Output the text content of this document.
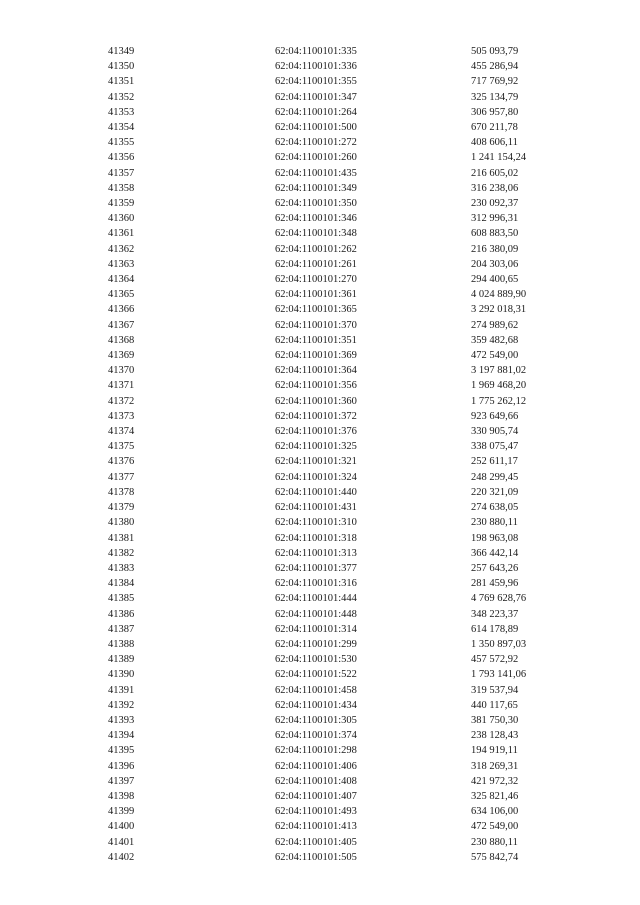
41349	62:04:1100101:335	505 093,79
41350	62:04:1100101:336	455 286,94
41351	62:04:1100101:355	717 769,92
41352	62:04:1100101:347	325 134,79
41353	62:04:1100101:264	306 957,80
41354	62:04:1100101:500	670 211,78
41355	62:04:1100101:272	408 606,11
41356	62:04:1100101:260	1 241 154,24
41357	62:04:1100101:435	216 605,02
41358	62:04:1100101:349	316 238,06
41359	62:04:1100101:350	230 092,37
41360	62:04:1100101:346	312 996,31
41361	62:04:1100101:348	608 883,50
41362	62:04:1100101:262	216 380,09
41363	62:04:1100101:261	204 303,06
41364	62:04:1100101:270	294 400,65
41365	62:04:1100101:361	4 024 889,90
41366	62:04:1100101:365	3 292 018,31
41367	62:04:1100101:370	274 989,62
41368	62:04:1100101:351	359 482,68
41369	62:04:1100101:369	472 549,00
41370	62:04:1100101:364	3 197 881,02
41371	62:04:1100101:356	1 969 468,20
41372	62:04:1100101:360	1 775 262,12
41373	62:04:1100101:372	923 649,66
41374	62:04:1100101:376	330 905,74
41375	62:04:1100101:325	338 075,47
41376	62:04:1100101:321	252 611,17
41377	62:04:1100101:324	248 299,45
41378	62:04:1100101:440	220 321,09
41379	62:04:1100101:431	274 638,05
41380	62:04:1100101:310	230 880,11
41381	62:04:1100101:318	198 963,08
41382	62:04:1100101:313	366 442,14
41383	62:04:1100101:377	257 643,26
41384	62:04:1100101:316	281 459,96
41385	62:04:1100101:444	4 769 628,76
41386	62:04:1100101:448	348 223,37
41387	62:04:1100101:314	614 178,89
41388	62:04:1100101:299	1 350 897,03
41389	62:04:1100101:530	457 572,92
41390	62:04:1100101:522	1 793 141,06
41391	62:04:1100101:458	319 537,94
41392	62:04:1100101:434	440 117,65
41393	62:04:1100101:305	381 750,30
41394	62:04:1100101:374	238 128,43
41395	62:04:1100101:298	194 919,11
41396	62:04:1100101:406	318 269,31
41397	62:04:1100101:408	421 972,32
41398	62:04:1100101:407	325 821,46
41399	62:04:1100101:493	634 106,00
41400	62:04:1100101:413	472 549,00
41401	62:04:1100101:405	230 880,11
41402	62:04:1100101:505	575 842,74
